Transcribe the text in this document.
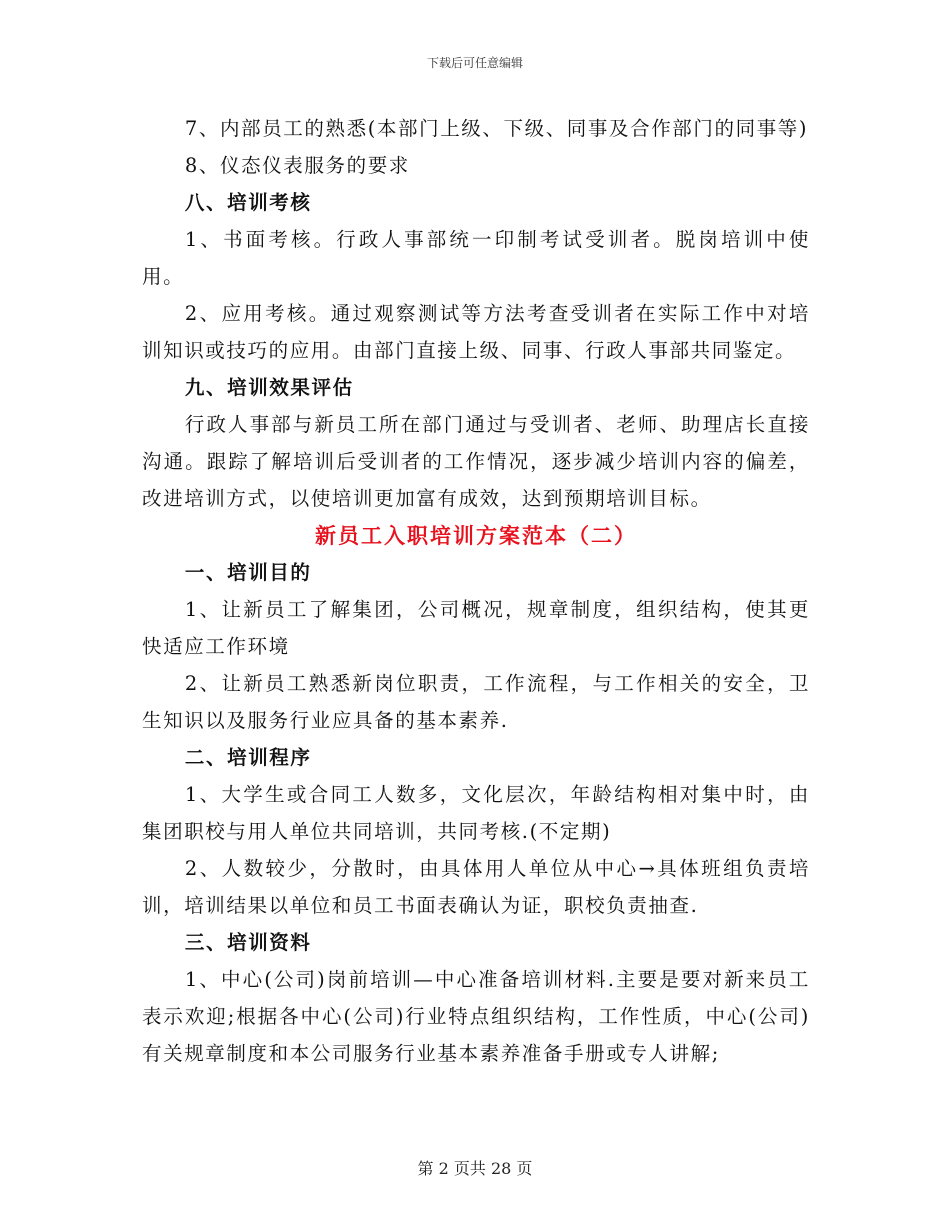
下载后可任意编辑

7、内部员工的熟悉(本部门上级、下级、同事及合作部门的同事等)

8、仪态仪表服务的要求

八、培训考核

1、书面考核。行政人事部统一印制考试受训者。脱岗培训中使用。

2、应用考核。通过观察测试等方法考查受训者在实际工作中对培训知识或技巧的应用。由部门直接上级、同事、行政人事部共同鉴定。

九、培训效果评估

行政人事部与新员工所在部门通过与受训者、老师、助理店长直接沟通。跟踪了解培训后受训者的工作情况，逐步减少培训内容的偏差，改进培训方式，以使培训更加富有成效，达到预期培训目标。

新员工入职培训方案范本（二）

一、培训目的

1、让新员工了解集团，公司概况，规章制度，组织结构，使其更快适应工作环境

2、让新员工熟悉新岗位职责，工作流程，与工作相关的安全，卫生知识以及服务行业应具备的基本素养.

二、培训程序

1、大学生或合同工人数多，文化层次，年龄结构相对集中时，由集团职校与用人单位共同培训，共同考核.(不定期)

2、人数较少，分散时，由具体用人单位从中心→具体班组负责培训，培训结果以单位和员工书面表确认为证，职校负责抽查.

三、培训资料

1、中心(公司)岗前培训—中心准备培训材料.主要是要对新来员工表示欢迎;根据各中心(公司)行业特点组织结构，工作性质，中心(公司)有关规章制度和本公司服务行业基本素养准备手册或专人讲解;

第 2 页共 28 页
